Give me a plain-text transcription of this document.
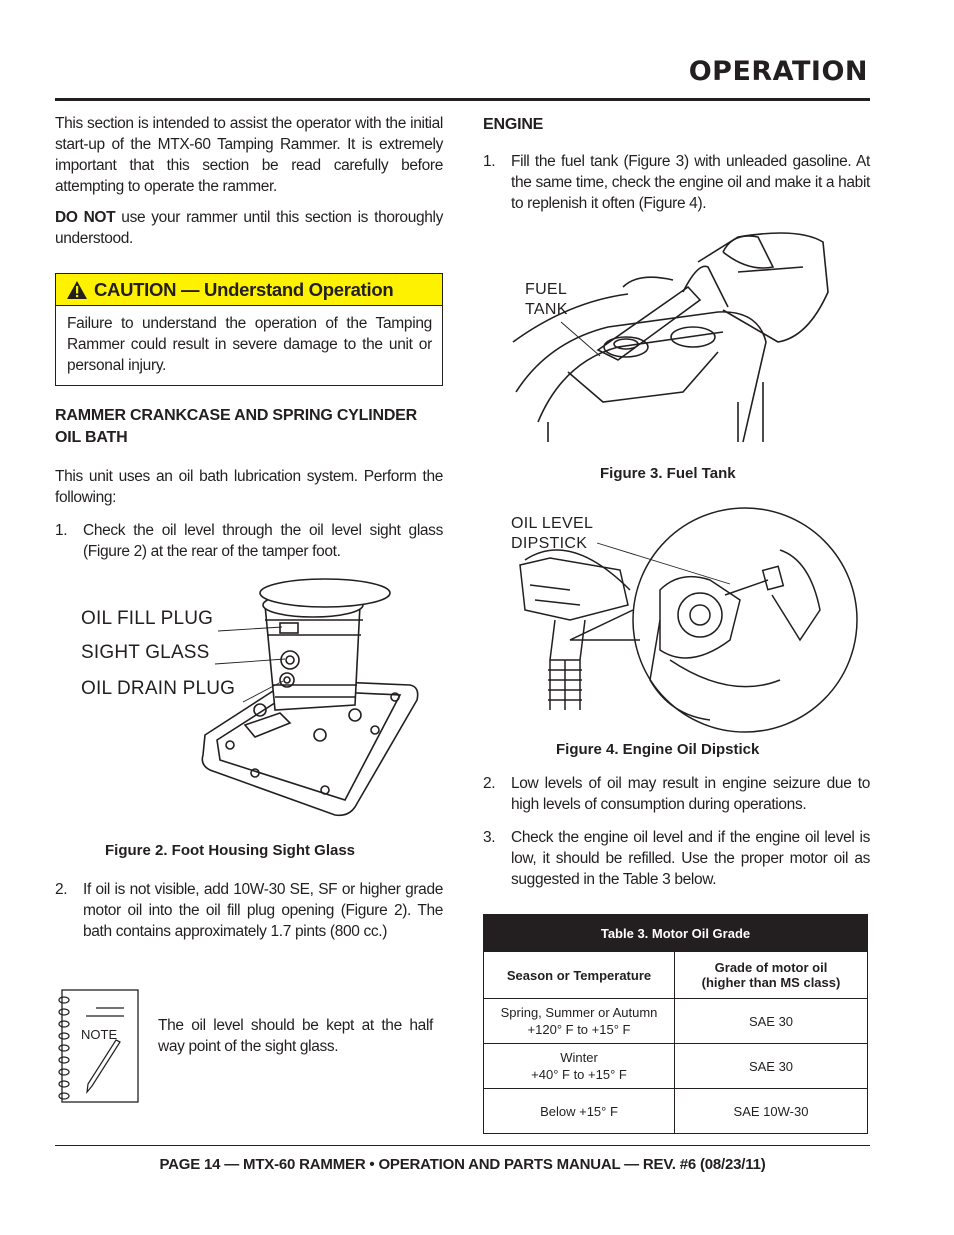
OPERATION
This section is intended to assist the operator with the initial start-up of the MTX-60 Tamping Rammer. It is extremely important that this section be read carefully before attempting to operate the rammer.
DO NOT use your rammer until this section is thoroughly understood.
CAUTION — Understand Operation
Failure to understand the operation of the Tamping Rammer could result in severe damage to the unit or personal injury.
RAMMER CRANKCASE AND SPRING CYLINDER OIL BATH
This unit uses an oil bath lubrication system. Perform the following:
1.	Check the oil level through the oil level sight glass (Figure 2) at the rear of the tamper foot.
OIL FILL PLUG
SIGHT GLASS
OIL DRAIN PLUG
Figure 2. Foot Housing Sight Glass
2.	If oil is not visible, add 10W-30 SE, SF or higher grade motor oil into the oil fill plug opening (Figure 2). The bath contains approximately 1.7 pints (800 cc.)
NOTE
The oil level should be kept at the half way point of the sight glass.
ENGINE
1.	Fill the fuel tank (Figure 3) with unleaded gasoline. At the same time, check the engine oil and make it a habit to replenish it often (Figure 4).
FUEL
TANK
Figure 3. Fuel Tank
OIL LEVEL
DIPSTICK
Figure 4. Engine Oil Dipstick
2.	Low levels of oil may result in engine seizure due to high levels of consumption during operations.
3.	Check the engine oil level and if the engine oil level is low, it should be refilled. Use the proper motor oil as suggested in the Table 3 below.
Table 3. Motor Oil Grade	
Season or Temperature	Grade of motor oil
(higher than MS class)

Spring, Summer or Autumn
+120° F to +15° F	SAE 30

Winter
+40° F to +15° F	SAE 30

Below +15° F	SAE 10W-30
PAGE 14 — MTX-60 RAMMER • OPERATION AND PARTS MANUAL — REV. #6 (08/23/11)
